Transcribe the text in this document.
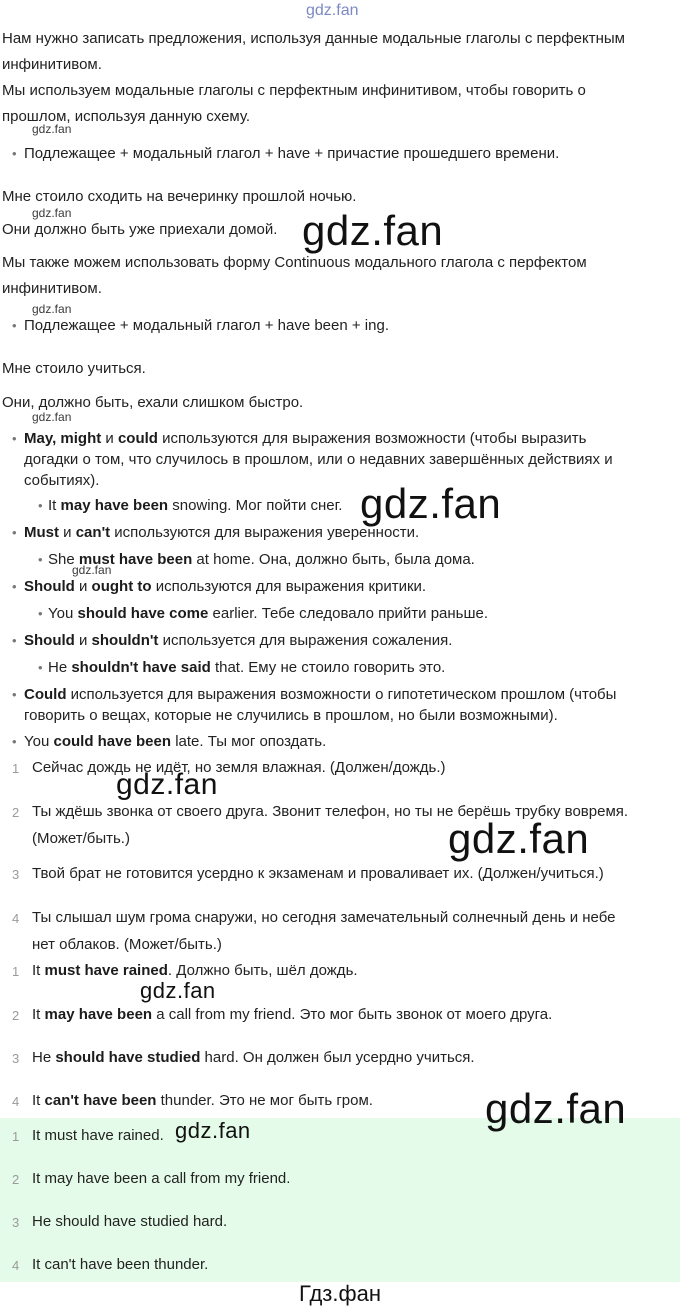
gdz.fan
Нам нужно записать предложения, используя данные модальные глаголы с перфектным
инфинитивом.
Мы используем модальные глаголы с перфектным инфинитивом, чтобы говорить о
прошлом, используя данную схему.
gdz.fan
• Подлежащее + модальный глагол + have + причастие прошедшего времени.
Мне стоило сходить на вечеринку прошлой ночью.
gdz.fan
Они должно быть уже приехали домой. gdz.fan
Мы также можем использовать форму Continuous модального глагола с перфектом
инфинитивом.
gdz.fan
• Подлежащее + модальный глагол + have been + ing.
Мне стоило учиться.
Они, должно быть, ехали слишком быстро.
gdz.fan
• May, might и could используются для выражения возможности (чтобы выразить
догадки о том, что случилось в прошлом, или о недавних завершённых действиях и
событиях).
• It may have been snowing. Мог пойти снег. gdz.fan
• Must и can't используются для выражения уверенности.
• She must have been at home. Она, должно быть, была дома.
gdz.fan
• Should и ought to используются для выражения критики.
• You should have come earlier. Тебе следовало прийти раньше.
• Should и shouldn't используется для выражения сожаления.
• He shouldn't have said that. Ему не стоило говорить это.
• Could используется для выражения возможности о гипотетическом прошлом (чтобы
говорить о вещах, которые не случились в прошлом, но были возможными).
• You could have been late. Ты мог опоздать.
1 Сейчас дождь не идёт, но земля влажная. (Должен/дождь.)
gdz.fan
2 Ты ждёшь звонка от своего друга. Звонит телефон, но ты не берёшь трубку вовремя.
(Может/быть.)	gdz.fan
3 Твой брат не готовится усердно к экзаменам и проваливает их. (Должен/учиться.)
4 Ты слышал шум грома снаружи, но сегодня замечательный солнечный день и небе
нет облаков. (Может/быть.)
1 It must have rained. Должно быть, шёл дождь.
gdz.fan
2 It may have been a call from my friend. Это мог быть звонок от моего друга.
3 He should have studied hard. Он должен был усердно учиться.
4 It can't have been thunder. Это не мог быть гром.	gdz.fan
1 It must have rained. gdz.fan
2 It may have been a call from my friend.
3 He should have studied hard.
4 It can't have been thunder.
Гдз.фан
